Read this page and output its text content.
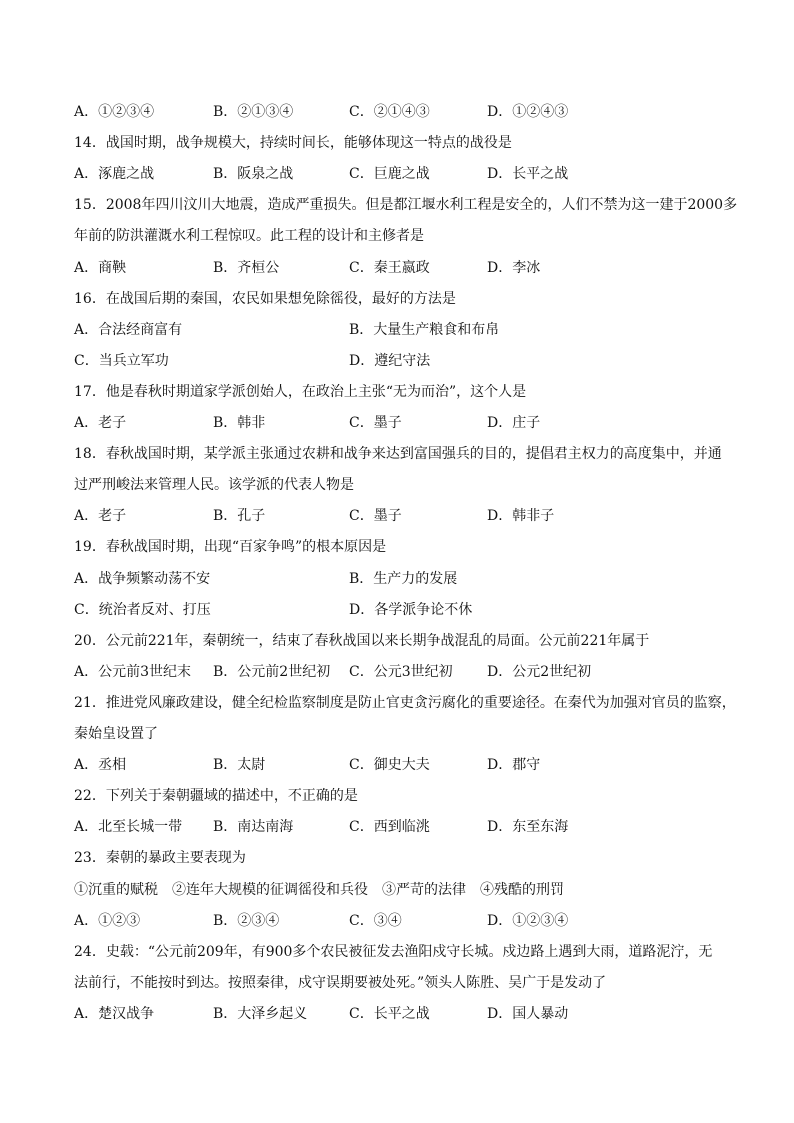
A．①②③④	B．②①③④	C．②①④③	D．①②④③
14．战国时期，战争规模大，持续时间长，能够体现这一特点的战役是
A．涿鹿之战	B．阪泉之战	C．巨鹿之战	D．长平之战
15．2008年四川汶川大地震，造成严重损失。但是都江堰水利工程是安全的，人们不禁为这一建于2000多
年前的防洪灌溉水利工程惊叹。此工程的设计和主修者是
A．商鞅	B．齐桓公	C．秦王嬴政	D．李冰
16．在战国后期的秦国，农民如果想免除徭役，最好的方法是
A．合法经商富有	B．大量生产粮食和布帛
C．当兵立军功	D．遵纪守法
17．他是春秋时期道家学派创始人，在政治上主张“无为而治”，这个人是
A．老子	B．韩非	C．墨子	D．庄子
18．春秋战国时期，某学派主张通过农耕和战争来达到富国强兵的目的，提倡君主权力的高度集中，并通
过严刑峻法来管理人民。该学派的代表人物是
A．老子	B．孔子	C．墨子	D．韩非子
19．春秋战国时期，出现“百家争鸣”的根本原因是
A．战争频繁动荡不安	B．生产力的发展
C．统治者反对、打压	D．各学派争论不休
20．公元前221年，秦朝统一，结束了春秋战国以来长期争战混乱的局面。公元前221年属于
A．公元前3世纪末 B．公元前2世纪初 C．公元3世纪初 D．公元2世纪初
21．推进党风廉政建设，健全纪检监察制度是防止官吏贪污腐化的重要途径。在秦代为加强对官员的监察，
秦始皇设置了
A．丞相	B．太尉	C．御史大夫	D．郡守
22．下列关于秦朝疆域的描述中，不正确的是
A．北至长城一带 B．南达南海	C．西到临洮	D．东至东海
23．秦朝的暴政主要表现为
①沉重的赋税　②连年大规模的征调徭役和兵役　③严苛的法律　④残酷的刑罚
A．①②③	B．②③④	C．③④	D．①②③④
24．史载：“公元前209年，有900多个农民被征发去渔阳戍守长城。戍边路上遇到大雨，道路泥泞，无
法前行，不能按时到达。按照秦律，戍守误期要被处死。”领头人陈胜、吴广于是发动了
A．楚汉战争	B．大泽乡起义	C．长平之战	D．国人暴动
